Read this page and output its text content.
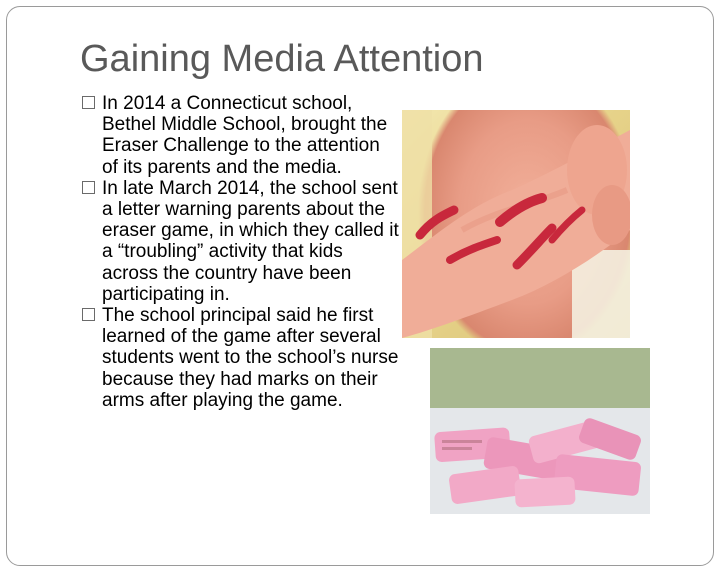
Gaining Media Attention
In 2014 a Connecticut school, Bethel Middle School, brought the Eraser Challenge to the attention of its parents and the media.
In late March 2014, the school sent a letter warning parents about the eraser game, in which they called it a “troubling” activity that kids across the country have been participating in.
The school principal said he first learned of the game after several students went to the school’s nurse because they had marks on their arms after playing the game.
